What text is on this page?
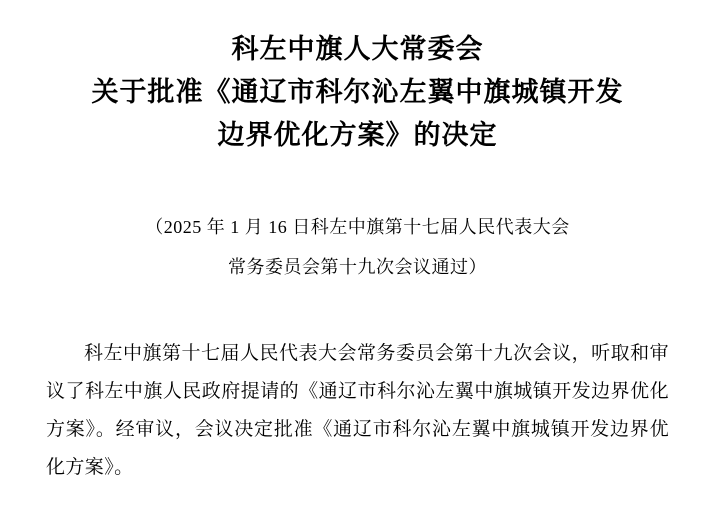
科左中旗人大常委会
关于批准《通辽市科尔沁左翼中旗城镇开发
边界优化方案》的决定
（2025 年 1 月 16 日科左中旗第十七届人民代表大会
常务委员会第十九次会议通过）

科左中旗第十七届人民代表大会常务委员会第十九次会议，听取和审议了科左中旗人民政府提请的《通辽市科尔沁左翼中旗城镇开发边界优化方案》。经审议，会议决定批准《通辽市科尔沁左翼中旗城镇开发边界优化方案》。
